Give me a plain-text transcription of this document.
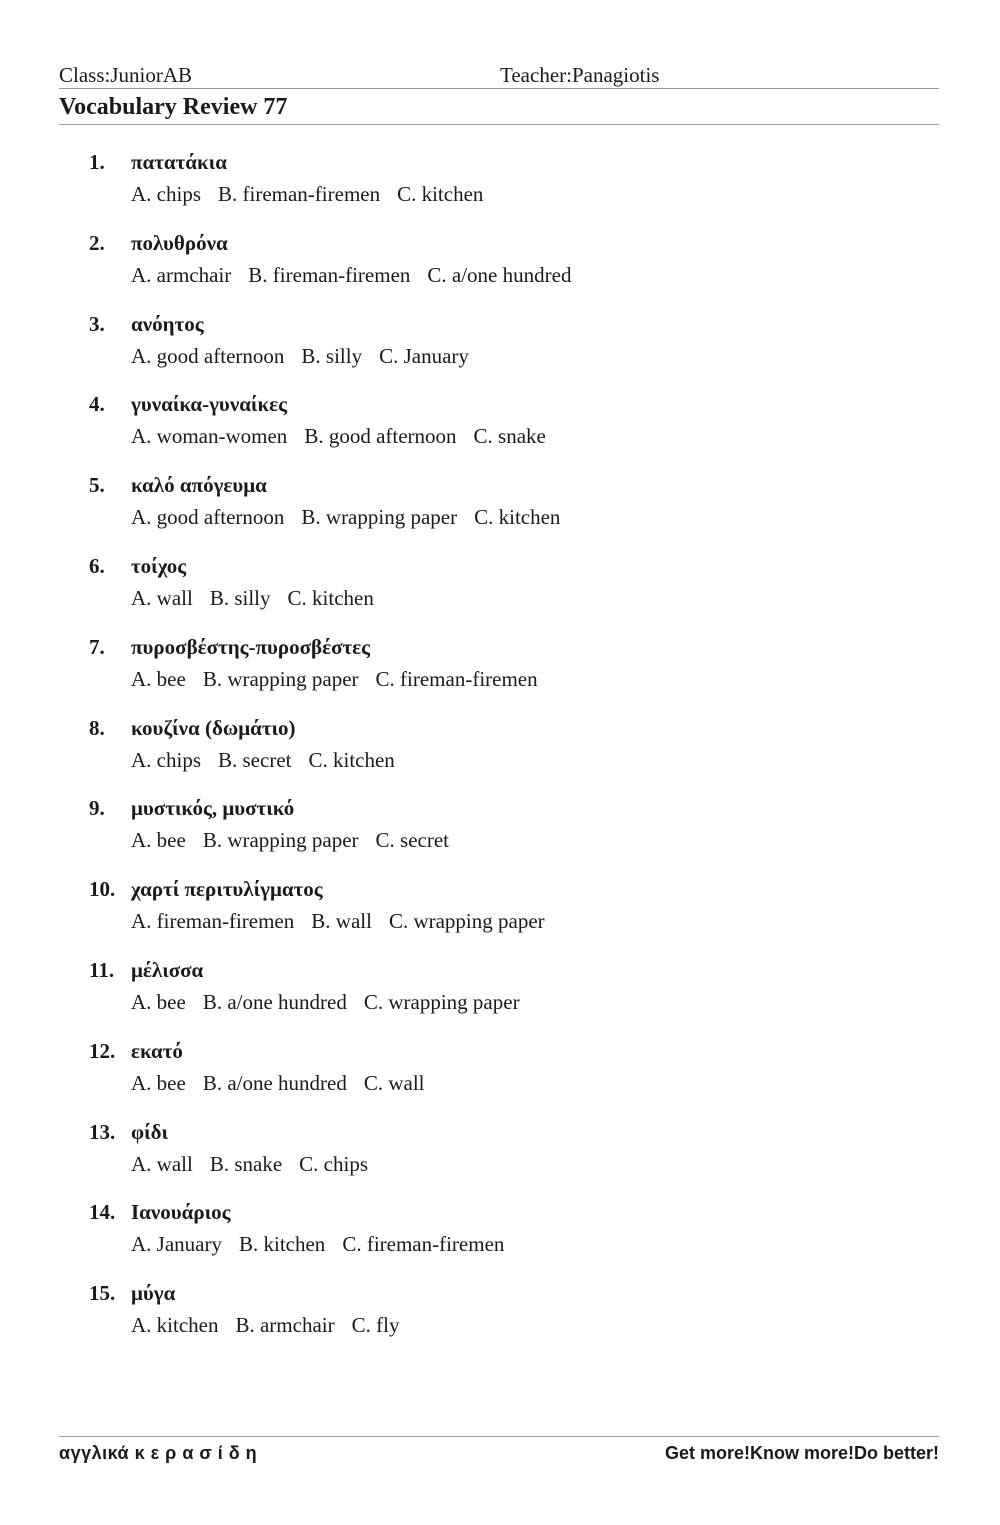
Class:JuniorAB	Teacher:Panagiotis
Vocabulary Review 77
1. πατατάκια
A. chips B. fireman-firemen C. kitchen
2. πολυθρόνα
A. armchair B. fireman-firemen C. a/one hundred
3. ανόητος
A. good afternoon B. silly C. January
4. γυναίκα-γυναίκες
A. woman-women B. good afternoon C. snake
5. καλό απόγευμα
A. good afternoon B. wrapping paper C. kitchen
6. τοίχος
A. wall B. silly C. kitchen
7. πυροσβέστης-πυροσβέστες
A. bee B. wrapping paper C. fireman-firemen
8. κουζίνα (δωμάτιο)
A. chips B. secret C. kitchen
9. μυστικός, μυστικό
A. bee B. wrapping paper C. secret
10. χαρτί περιτυλίγματος
A. fireman-firemen B. wall C. wrapping paper
11. μέλισσα
A. bee B. a/one hundred C. wrapping paper
12. εκατό
A. bee B. a/one hundred C. wall
13. φίδι
A. wall B. snake C. chips
14. Ιανουάριος
A. January B. kitchen C. fireman-firemen
15. μύγα
A. kitchen B. armchair C. fly
αγγλικά κ ε ρ α σ ί δ η	Get more!Know more!Do better!
